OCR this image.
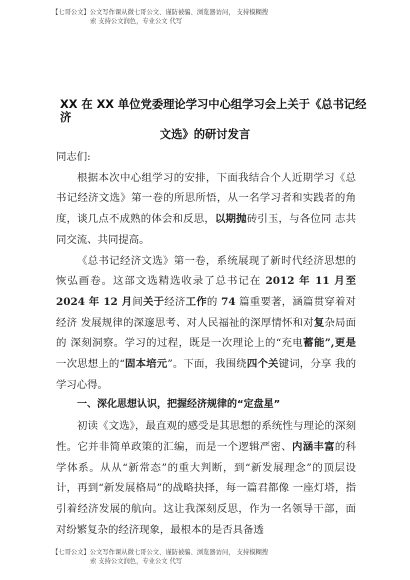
【七哥公文】公文写作课从微七哥公文、谨防被骗、浏览器访问， 支持模糊搜
索 支持公文润色，专业公文 代写
XX 在 XX 单位党委理论学习中心组学习会上关于《总书记经济
文选》的研讨发言

同志们:

根据本次中心组学习的安排，下面我结合个人近期学习《总书记经济文选》第一卷的所思所悟，从一名学习者和实践者的角度，谈几点不成熟的体会和反思，以期抛砖引玉，与各位同 志共同交流、共同提高。

《总书记经济文选》第一卷，系统展现了新时代经济思想的恢弘画卷。这部文选精选收录了总书记在 2012 年 11 月至 2024 年 12 月间关于经济工作的 74 篇重要著，涵篇贯穿着对经济 发展规律的深邃思考、对人民福祉的深厚情怀和对复杂局面的 深刻洞察。学习的过程，既是一次理论上的“充电蓄能”,更是 一次思想上的“固本培元”。下面，我围绕四个关键词，分享 我的学习心得。

一、深化思想认识，把握经济规律的“定盘星”

初读《文选》，最直观的感受是其思想的系统性与理论的深刻性。它并非简单政策的汇编，而是一个逻辑严密、内涵丰富的科学体系。从从“新常态”的重大判断，到“新发展理念”的顶层设计，再到“新发展格局”的战略抉择，每一篇君都像 一座灯塔，指引着经济发展的航向。这让我深刻反思，作为一名领导干部，面对纷繁复杂的经济现象，最根本的是否具备透

【七哥公文】公文写作课从微七哥公文、谨防被骗、浏览器访问， 支持模糊搜
索 支持公文润色，专业公文 代写
